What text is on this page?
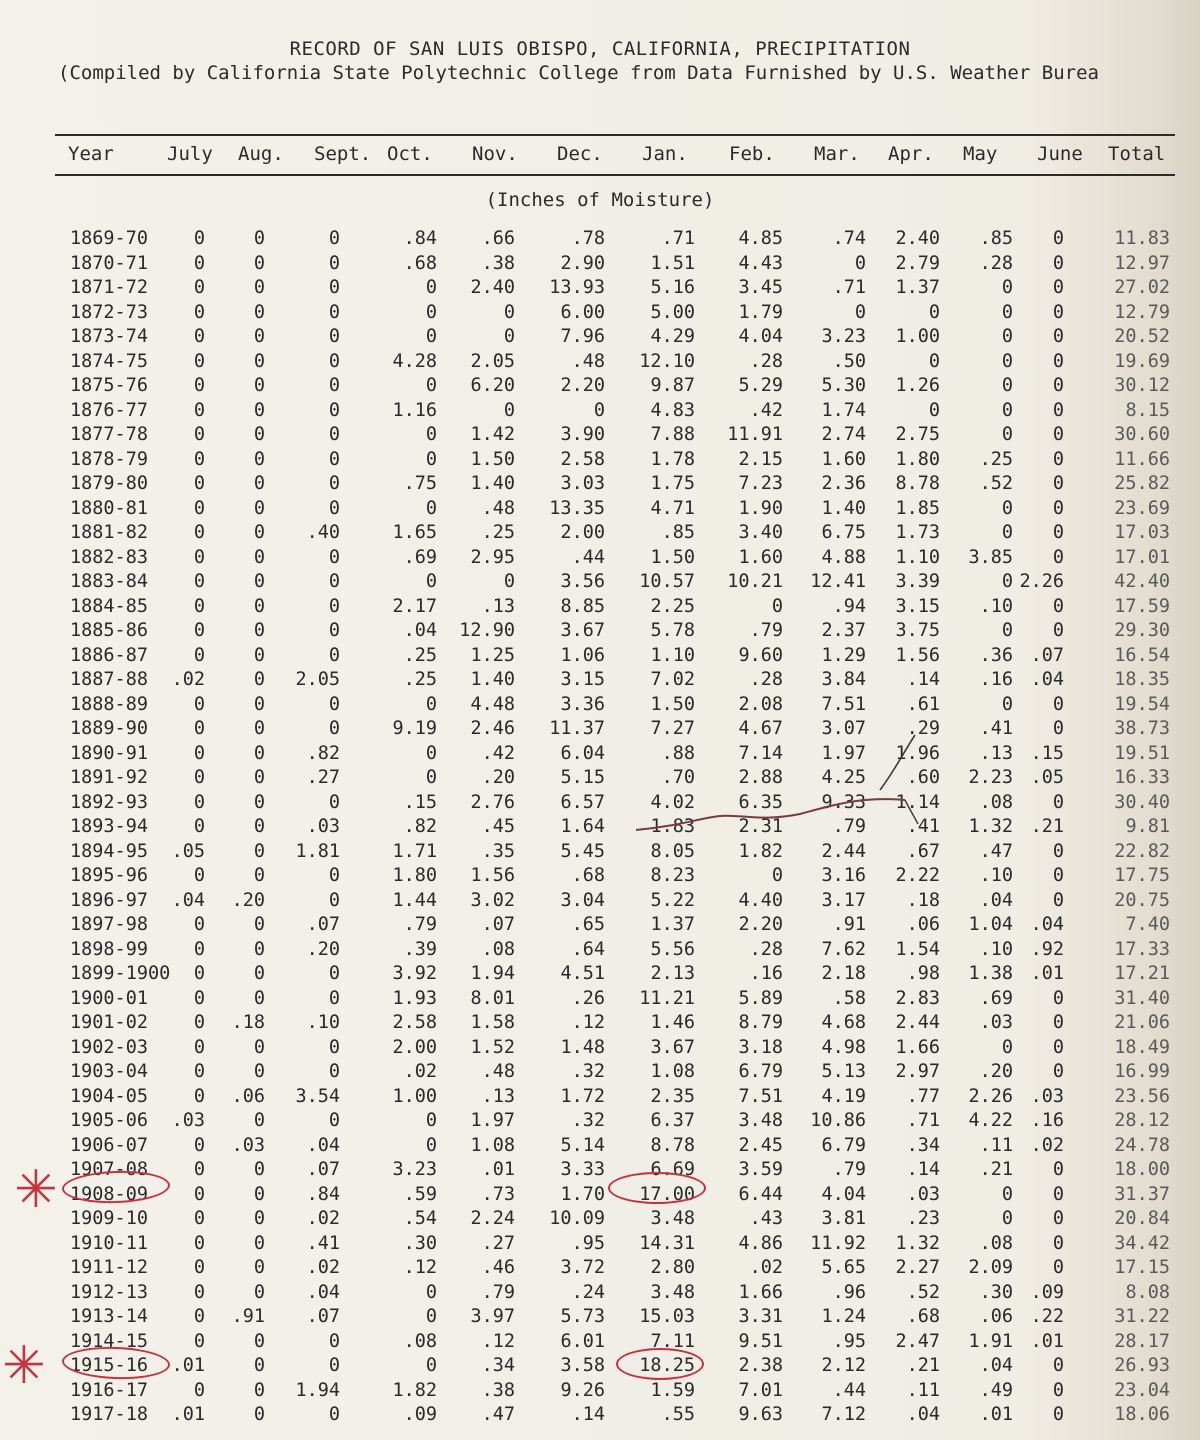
RECORD OF SAN LUIS OBISPO, CALIFORNIA, PRECIPITATION
(Compiled by California State Polytechnic College from Data Furnished by U.S. Weather Burea
Year	July Aug. Sept. Oct. Nov. Dec. Jan. Feb. Mar. Apr. May June Total
(Inches of Moisture)
1869-70 0	0	0	.84 .66	.78	.71 4.85	.74 2.40 .85 0	11.83
1870-71 0	0	0	.68 .38 2.90 1.51 4.43	0 2.79 .28 0	12.97
1871-72 0	0	0	0 2.40 13.93 5.16 3.45	.71 1.37	0 0	27.02
1872-73 0	0	0	0	0 6.00 5.00 1.79	0	0	0 0	12.79
1873-74 0	0	0	0	0 7.96 4.29 4.04 3.23 1.00	0 0	20.52
1874-75 0	0	0	4.28 2.05	.48 12.10	.28	.50	0	0 0	19.69
1875-76 0	0	0	0 6.20 2.20 9.87 5.29 5.30 1.26	0 0	30.12
1876-77 0	0	0	1.16	0	0 4.83	.42 1.74	0	0 0	8.15
1877-78 0	0	0	0 1.42 3.90 7.88 11.91 2.74 2.75	0 0	30.60
1878-79 0	0	0	0 1.50 2.58 1.78 2.15 1.60 1.80 .25 0	11.66
1879-80 0	0	0	.75 1.40 3.03 1.75 7.23 2.36 8.78 .52 0	25.82
1880-81 0	0	0	0 .48 13.35 4.71 1.90 1.40 1.85	0 0	23.69
1881-82 0	0 .40	1.65 .25 2.00	.85 3.40 6.75 1.73	0 0	17.03
1882-83 0	0	0	.69 2.95	.44 1.50 1.60 4.88 1.10 3.85 0	17.01
1883-84 0	0	0	0	0 3.56 10.57 10.21 12.41 3.39	0 2.26	42.40
1884-85 0	0	0	2.17 .13 8.85 2.25	0	.94 3.15 .10 0	17.59
1885-86 0	0	0	.04 12.90 3.67 5.78	.79 2.37 3.75	0 0	29.30
1886-87 0	0	0	.25 1.25 1.06 1.10 9.60 1.29 1.56 .36 .07	16.54
1887-88 .02	0 2.05	.25 1.40 3.15 7.02	.28 3.84 .14 .16 .04	18.35
1888-89 0	0	0	0 4.48 3.36 1.50 2.08 7.51 .61	0 0	19.54
1889-90 0	0	0	9.19 2.46 11.37 7.27 4.67 3.07 .29 .41 0	38.73
1890-91 0	0 .82	0 .42 6.04	.88 7.14 1.97 1.96 .13 .15	19.51
1891-92 0	0 .27	0 .20 5.15	.70 2.88 4.25 .60 2.23 .05	16.33
1892-93 0	0	0	.15 2.76 6.57 4.02 6.35 9.33 1.14 .08 0	30.40
1893-94 0	0 .03	.82 .45 1.64 1.83 2.31	.79 .41 1.32 .21	9.81
1894-95 .05	0 1.81	1.71 .35 5.45 8.05 1.82 2.44 .67 .47 0	22.82
1895-96 0	0	0	1.80 1.56	.68 8.23	0 3.16 2.22 .10 0	17.75
1896-97 .04 .20	0	1.44 3.02 3.04 5.22 4.40 3.17 .18 .04 0	20.75
1897-98 0	0 .07	.79 .07	.65 1.37 2.20	.91 .06 1.04 .04	7.40
1898-99 0	0 .20	.39 .08	.64 5.56	.28 7.62 1.54 .10 .92	17.33
1899-1900 0	0	0	3.92 1.94 4.51 2.13	.16 2.18 .98 1.38 .01	17.21
1900-01 0	0	0	1.93 8.01	.26 11.21 5.89	.58 2.83 .69 0	31.40
1901-02 0 .18 .10	2.58 1.58	.12 1.46 8.79 4.68 2.44 .03 0	21.06
1902-03 0	0	0	2.00 1.52 1.48 3.67 3.18 4.98 1.66	0 0	18.49
1903-04 0	0	0	.02 .48	.32 1.08 6.79 5.13 2.97 .20 0	16.99
1904-05 0 .06 3.54	1.00 .13 1.72 2.35 7.51 4.19 .77 2.26 .03	23.56
1905-06 .03	0	0	0 1.97	.32 6.37 3.48 10.86 .71 4.22 .16	28.12
1906-07 0 .03 .04	0 1.08 5.14 8.78 2.45 6.79 .34 .11 .02	24.78
1907-08 0	0 .07	3.23 .01 3.33 6.69 3.59	.79 .14 .21 0	18.00
1908-09 0	0 .84	.59 .73 1.70 17.00 6.44 4.04 .03	0 0	31.37
1909-10 0	0 .02	.54 2.24 10.09 3.48	.43 3.81 .23	0 0	20.84
1910-11 0	0 .41	.30 .27	.95 14.31 4.86 11.92 1.32 .08 0	34.42
1911-12 0	0 .02	.12 .46 3.72 2.80	.02 5.65 2.27 2.09 0	17.15
1912-13 0	0 .04	0 .79	.24 3.48 1.66	.96 .52 .30 .09	8.08
1913-14 0 .91 .07	0 3.97 5.73 15.03 3.31 1.24 .68 .06 .22	31.22
1914-15 0	0	0	.08 .12 6.01 7.11 9.51	.95 2.47 1.91 .01	28.17
1915-16 .01	0	0	0 .34 3.58 18.25 2.38 2.12 .21 .04 0	26.93
1916-17 0	0 1.94	1.82 .38 9.26 1.59 7.01	.44 .11 .49 0	23.04
1917-18 .01	0	0	.09 .47	.14	.55 9.63 7.12 .04 .01 0	18.06
✳
✳
